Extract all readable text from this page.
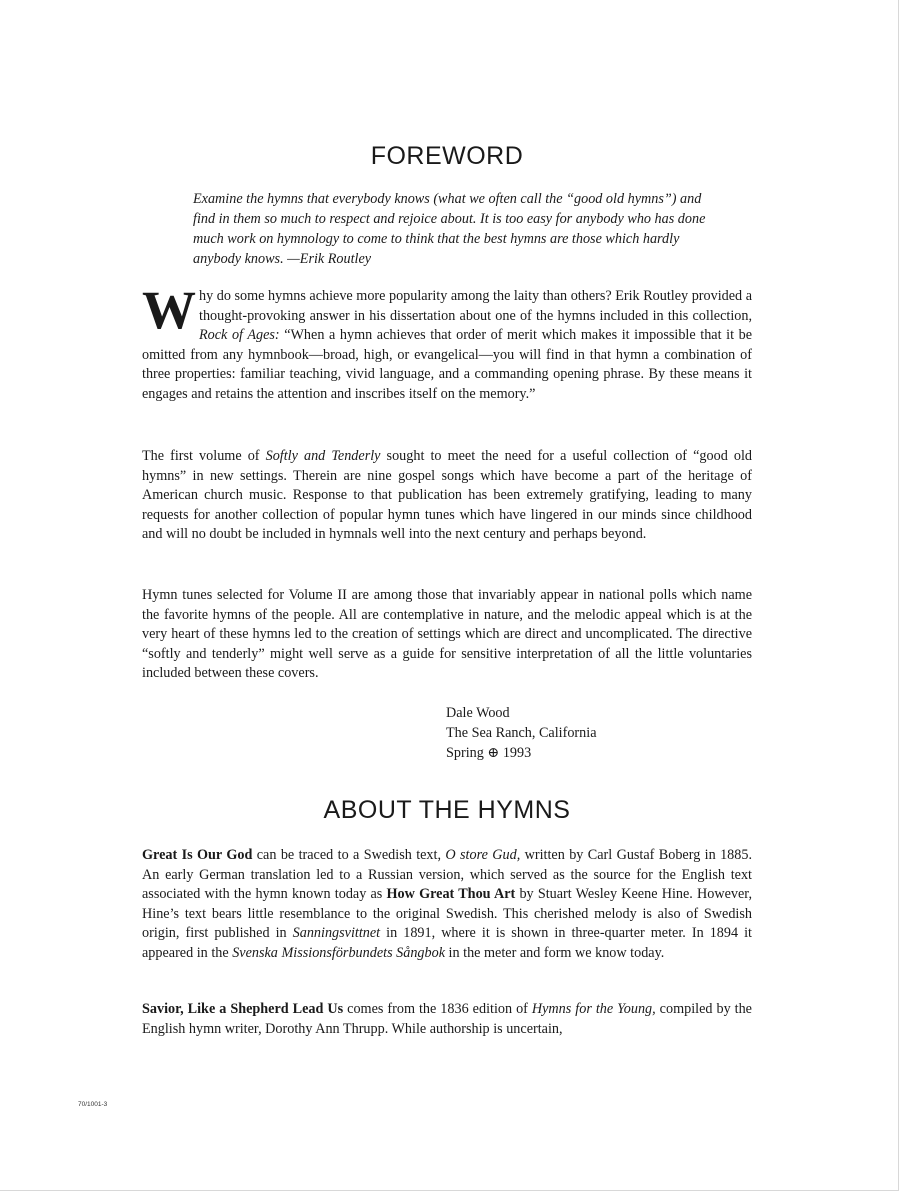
FOREWORD
Examine the hymns that everybody knows (what we often call the “good old hymns”) and find in them so much to respect and rejoice about. It is too easy for anybody who has done much work on hymnology to come to think that the best hymns are those which hardly anybody knows. —Erik Routley

Why do some hymns achieve more popularity among the laity than others? Erik Routley provided a thought-provoking answer in his dissertation about one of the hymns included in this collection, Rock of Ages: “When a hymn achieves that order of merit which makes it impossible that it be omitted from any hymnbook—broad, high, or evangelical—you will find in that hymn a combination of three properties: familiar teaching, vivid language, and a commanding opening phrase. By these means it engages and retains the attention and inscribes itself on the memory.”

The first volume of Softly and Tenderly sought to meet the need for a useful collection of “good old hymns” in new settings. Therein are nine gospel songs which have become a part of the heritage of American church music. Response to that publication has been extremely gratifying, leading to many requests for another collection of popular hymn tunes which have lingered in our minds since childhood and will no doubt be included in hymnals well into the next century and perhaps beyond.

Hymn tunes selected for Volume II are among those that invariably appear in national polls which name the favorite hymns of the people. All are contemplative in nature, and the melodic appeal which is at the very heart of these hymns led to the creation of settings which are direct and uncomplicated. The directive “softly and tenderly” might well serve as a guide for sensitive interpretation of all the little voluntaries included between these covers.

Dale Wood
The Sea Ranch, California
Spring ⊕ 1993
ABOUT THE HYMNS

Great Is Our God can be traced to a Swedish text, O store Gud, written by Carl Gustaf Boberg in 1885. An early German translation led to a Russian version, which served as the source for the English text associated with the hymn known today as How Great Thou Art by Stuart Wesley Keene Hine. However, Hine’s text bears little resemblance to the original Swedish. This cherished melody is also of Swedish origin, first published in Sanningsvittnet in 1891, where it is shown in three-quarter meter. In 1894 it appeared in the Svenska Missionsförbundets Sångbok in the meter and form we know today.

Savior, Like a Shepherd Lead Us comes from the 1836 edition of Hymns for the Young, compiled by the English hymn writer, Dorothy Ann Thrupp. While authorship is uncertain,

70/1001-3
